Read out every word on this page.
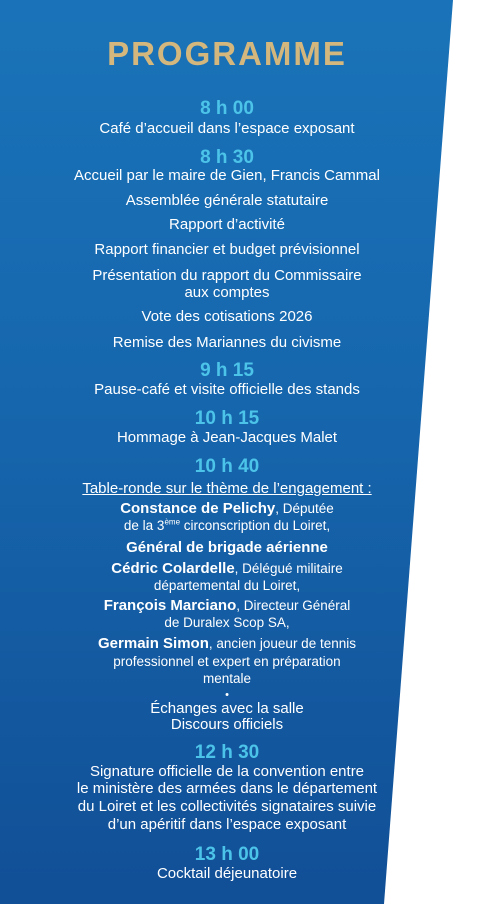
PROGRAMME
8 h 00
Café d’accueil dans l’espace exposant
8 h 30
Accueil par le maire de Gien, Francis Cammal
Assemblée générale statutaire
Rapport d’activité
Rapport financier et budget prévisionnel
Présentation du rapport du Commissaire
aux comptes
Vote des cotisations 2026
Remise des Mariannes du civisme
9 h 15
Pause-café et visite officielle des stands
10 h 15
Hommage à Jean-Jacques Malet
10 h 40
Table-ronde sur le thème de l’engagement :
Constance de Pelichy, Députée
de la 3ème circonscription du Loiret,
Général de brigade aérienne
Cédric Colardelle, Délégué militaire
départemental du Loiret,
François Marciano, Directeur Général
de Duralex Scop SA,
Germain Simon, ancien joueur de tennis
professionnel et expert en préparation
mentale
•
Échanges avec la salle
Discours officiels
12 h 30
Signature officielle de la convention entre
le ministère des armées dans le département
du Loiret et les collectivités signataires suivie
d’un apéritif dans l’espace exposant
13 h 00
Cocktail déjeunatoire
